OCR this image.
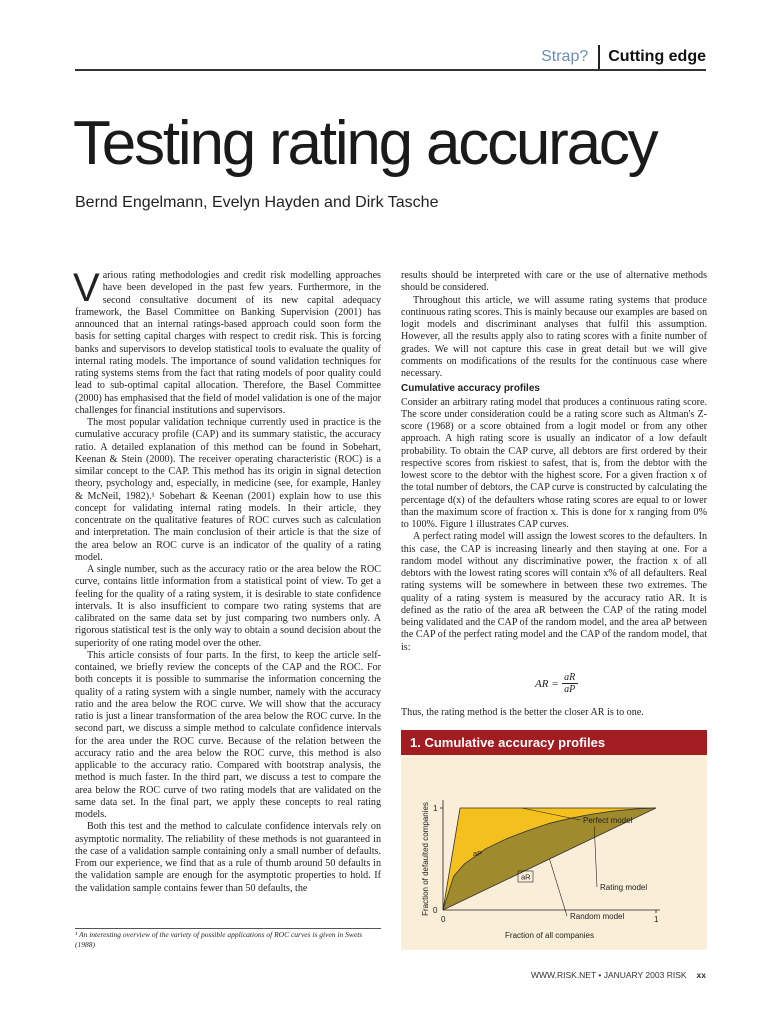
Strap? Cutting edge
Testing rating accuracy
Bernd Engelmann, Evelyn Hayden and Dirk Tasche

Various rating methodologies and credit risk modelling approaches have been developed in the past few years. Furthermore, in the second consultative document of its new capital adequacy framework, the Basel Committee on Banking Supervision (2001) has announced that an internal ratings-based approach could soon form the basis for setting capital charges with respect to credit risk. This is forcing banks and supervisors to develop statistical tools to evaluate the quality of internal rating models. The importance of sound validation techniques for rating systems stems from the fact that rating models of poor quality could lead to sub-optimal capital allocation. Therefore, the Basel Committee (2000) has emphasised that the field of model validation is one of the major challenges for financial institutions and supervisors.

The most popular validation technique currently used in practice is the cumulative accuracy profile (CAP) and its summary statistic, the accuracy ratio. A detailed explanation of this method can be found in Sobehart, Keenan & Stein (2000). The receiver operating characteristic (ROC) is a similar concept to the CAP. This method has its origin in signal detection theory, psychology and, especially, in medicine (see, for example, Hanley & McNeil, 1982).¹ Sobehart & Keenan (2001) explain how to use this concept for validating internal rating models. In their article, they concentrate on the qualitative features of ROC curves such as calculation and interpretation. The main conclusion of their article is that the size of the area below an ROC curve is an indicator of the quality of a rating model.

A single number, such as the accuracy ratio or the area below the ROC curve, contains little information from a statistical point of view. To get a feeling for the quality of a rating system, it is desirable to state confidence intervals. It is also insufficient to compare two rating systems that are calibrated on the same data set by just comparing two numbers only. A rigorous statistical test is the only way to obtain a sound decision about the superiority of one rating model over the other.

This article consists of four parts. In the first, to keep the article self-contained, we briefly review the concepts of the CAP and the ROC. For both concepts it is possible to summarise the information concerning the quality of a rating system with a single number, namely with the accuracy ratio and the area below the ROC curve. We will show that the accuracy ratio is just a linear transformation of the area below the ROC curve. In the second part, we discuss a simple method to calculate confidence intervals for the area under the ROC curve. Because of the relation between the accuracy ratio and the area below the ROC curve, this method is also applicable to the accuracy ratio. Compared with bootstrap analysis, the method is much faster. In the third part, we discuss a test to compare the area below the ROC curve of two rating models that are validated on the same data set. In the final part, we apply these concepts to real rating models.

Both this test and the method to calculate confidence intervals rely on asymptotic normality. The reliability of these methods is not guaranteed in the case of a validation sample containing only a small number of defaults. From our experience, we find that as a rule of thumb around 50 defaults in the validation sample are enough for the asymptotic properties to hold. If the validation sample contains fewer than 50 defaults, the

results should be interpreted with care or the use of alternative methods should be considered.

Throughout this article, we will assume rating systems that produce continuous rating scores. This is mainly because our examples are based on logit models and discriminant analyses that fulfil this assumption. However, all the results apply also to rating scores with a finite number of grades. We will not capture this case in great detail but we will give comments on modifications of the results for the continuous case where necessary.

Cumulative accuracy profiles

Consider an arbitrary rating model that produces a continuous rating score. The score under consideration could be a rating score such as Altman's Z-score (1968) or a score obtained from a logit model or from any other approach. A high rating score is usually an indicator of a low default probability. To obtain the CAP curve, all debtors are first ordered by their respective scores from riskiest to safest, that is, from the debtor with the lowest score to the debtor with the highest score. For a given fraction x of the total number of debtors, the CAP curve is constructed by calculating the percentage d(x) of the defaulters whose rating scores are equal to or lower than the maximum score of fraction x. This is done for x ranging from 0% to 100%. Figure 1 illustrates CAP curves.

A perfect rating model will assign the lowest scores to the defaulters. In this case, the CAP is increasing linearly and then staying at one. For a random model without any discriminative power, the fraction x of all debtors with the lowest rating scores will contain x% of all defaulters. Real rating systems will be somewhere in between these two extremes. The quality of a rating system is measured by the accuracy ratio AR. It is defined as the ratio of the area aR between the CAP of the rating model being validated and the CAP of the random model, and the area aP between the CAP of the perfect rating model and the CAP of the random model, that is:

AR = $\frac{aR}{aP}$
Thus, the rating method is the better the closer AR is to one.
1. Cumulative accuracy profiles
0	1
0
1
Fraction of all companies
Fraction of defaulted companies	Perfect model
Rating model
Random model
aP
aR
¹ An interesting overview of the variety of possible applications of ROC curves is given in Swets (1988)
WWW.RISK.NET • JANUARY 2003 RISK xx
